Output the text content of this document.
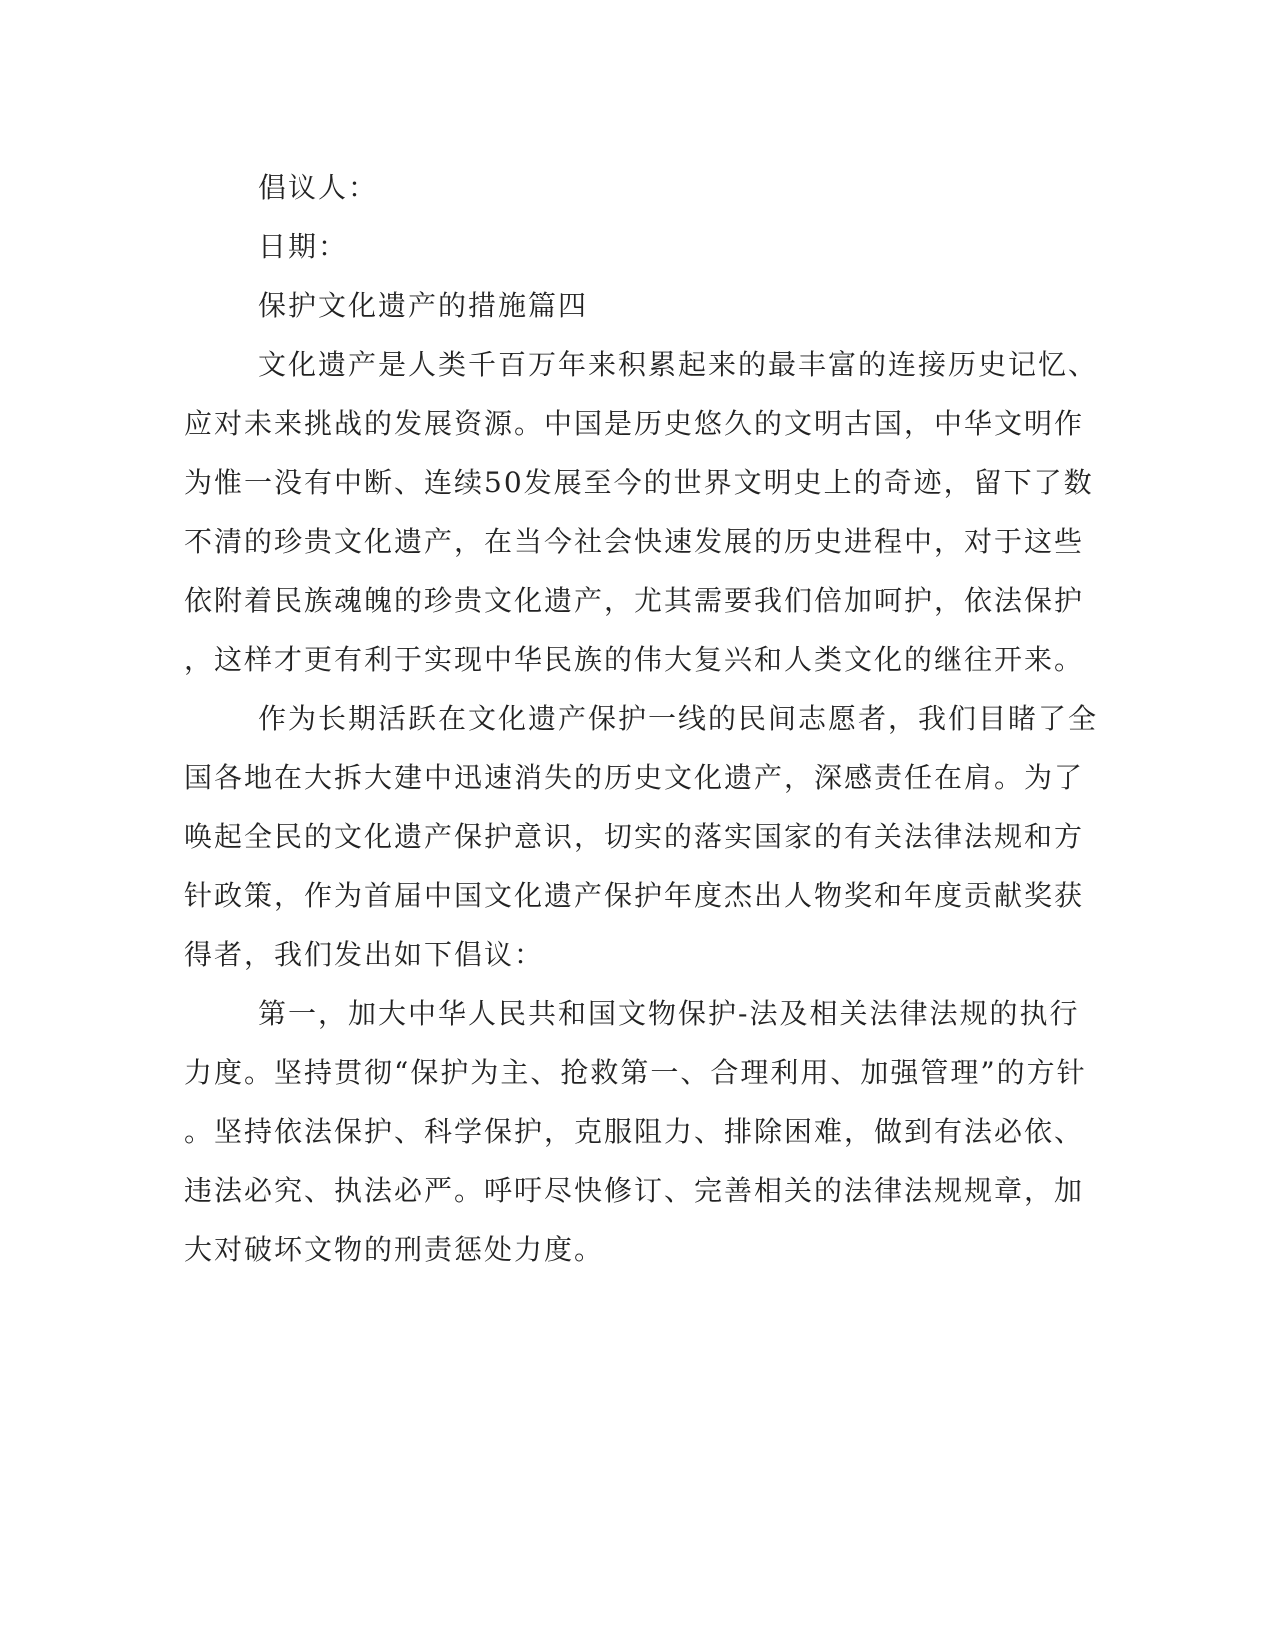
倡议人：
日期：
保护文化遗产的措施篇四
文化遗产是人类千百万年来积累起来的最丰富的连接历史记忆、
应对未来挑战的发展资源。中国是历史悠久的文明古国，中华文明作
为惟一没有中断、连续50发展至今的世界文明史上的奇迹，留下了数
不清的珍贵文化遗产，在当今社会快速发展的历史进程中，对于这些
依附着民族魂魄的珍贵文化遗产，尤其需要我们倍加呵护，依法保护
，这样才更有利于实现中华民族的伟大复兴和人类文化的继往开来。
作为长期活跃在文化遗产保护一线的民间志愿者，我们目睹了全
国各地在大拆大建中迅速消失的历史文化遗产，深感责任在肩。为了
唤起全民的文化遗产保护意识，切实的落实国家的有关法律法规和方
针政策，作为首届中国文化遗产保护年度杰出人物奖和年度贡献奖获
得者，我们发出如下倡议：
第一，加大中华人民共和国文物保护-法及相关法律法规的执行
力度。坚持贯彻“保护为主、抢救第一、合理利用、加强管理”的方针
。坚持依法保护、科学保护，克服阻力、排除困难，做到有法必依、
违法必究、执法必严。呼吁尽快修订、完善相关的法律法规规章，加
大对破坏文物的刑责惩处力度。
